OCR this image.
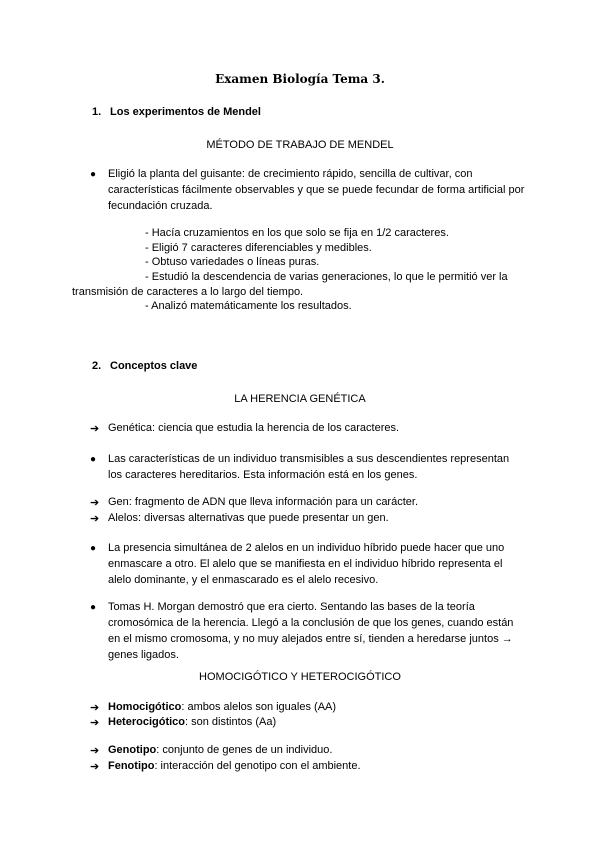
Examen Biología Tema 3.
1. Los experimentos de Mendel
MÉTODO DE TRABAJO DE MENDEL
● Eligió la planta del guisante: de crecimiento rápido, sencilla de cultivar, con características fácilmente observables y que se puede fecundar de forma artificial por fecundación cruzada.
- Hacía cruzamientos en los que solo se fija en 1/2 caracteres.
- Eligió 7 caracteres diferenciables y medibles.
- Obtuso variedades o líneas puras.
- Estudió la descendencia de varias generaciones, lo que le permitió ver la
transmisión de caracteres a lo largo del tiempo.
- Analizó matemáticamente los resultados.
2. Conceptos clave
LA HERENCIA GENÉTICA
➔ Genética: ciencia que estudia la herencia de los caracteres.
● Las características de un individuo transmisibles a sus descendientes representan los caracteres hereditarios. Esta información está en los genes.
➔ Gen: fragmento de ADN que lleva información para un carácter.
➔ Alelos: diversas alternativas que puede presentar un gen.
● La presencia simultánea de 2 alelos en un individuo híbrido puede hacer que uno enmascare a otro. El alelo que se manifiesta en el individuo híbrido representa el alelo dominante, y el enmascarado es el alelo recesivo.
● Tomas H. Morgan demostró que era cierto. Sentando las bases de la teoría cromosómica de la herencia. Llegó a la conclusión de que los genes, cuando están en el mismo cromosoma, y no muy alejados entre sí, tienden a heredarse juntos → genes ligados.
HOMOCIGÓTICO Y HETEROCIGÓTICO
➔ Homocigótico: ambos alelos son iguales (AA)
➔ Heterocigótico: son distintos (Aa)
➔ Genotipo: conjunto de genes de un individuo.
➔ Fenotipo: interacción del genotipo con el ambiente.
